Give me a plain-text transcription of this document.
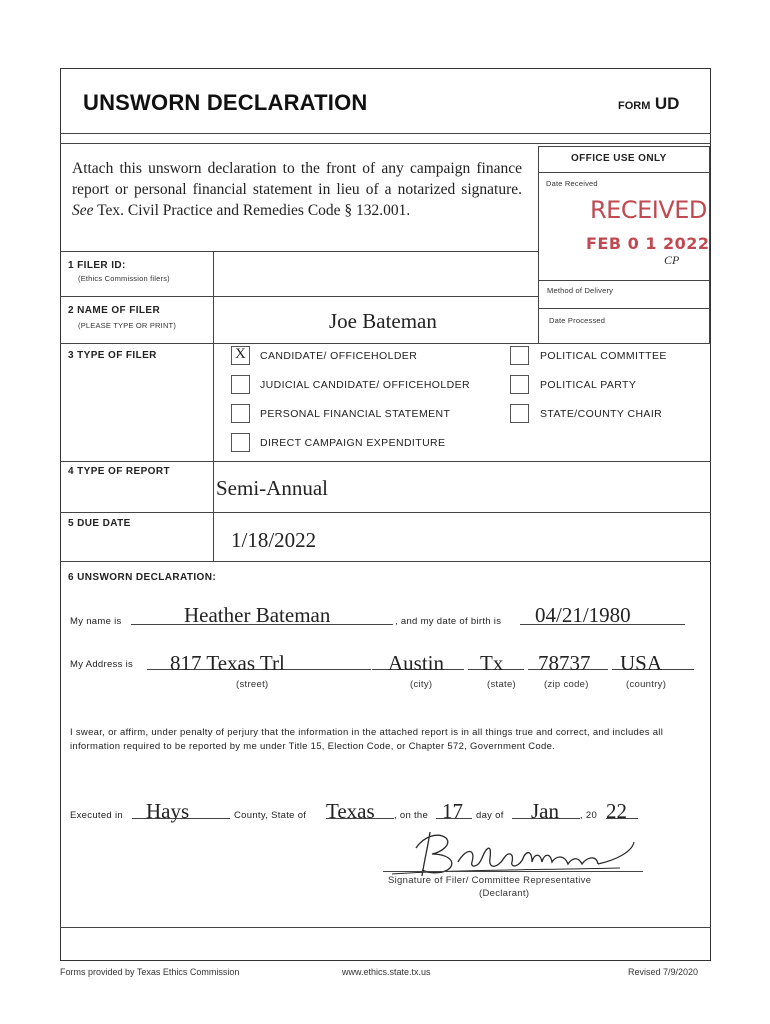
UNSWORN DECLARATION	FORM UD
Attach this unsworn declaration to the front of any campaign finance report or personal financial statement in lieu of a notarized signature. See Tex. Civil Practice and Remedies Code § 132.001.
OFFICE USE ONLY
Date Received
RECEIVED
FEB 0 1 2022
CP
Method of Delivery
Date Processed
1 FILER ID:
(Ethics Commission filers)
2 NAME OF FILER
(PLEASE TYPE OR PRINT)	Joe Bateman
3 TYPE OF FILER	X CANDIDATE/ OFFICEHOLDER
JUDICIAL CANDIDATE/ OFFICEHOLDER
PERSONAL FINANCIAL STATEMENT
DIRECT CAMPAIGN EXPENDITURE
POLITICAL COMMITTEE
POLITICAL PARTY
STATE/COUNTY CHAIR
4 TYPE OF REPORT
Semi-Annual
5 DUE DATE
1/18/2022
6 UNSWORN DECLARATION:
My name is	Heather Bateman	, and my date of birth is 04/21/1980
My Address is 817 Texas Trl	Austin Tx 78737 USA
(street)	(city)	(state)	(zip code)	(country)
I swear, or affirm, under penalty of perjury that the information in the attached report is in all things true and correct, and includes all information required to be reported by me under Title 15, Election Code, or Chapter 572, Government Code.
Executed in Hays	County, State of Texas , on the 17 day of Jan , 20 22
Signature of Filer/ Committee Representative
(Declarant)
Forms provided by Texas Ethics Commission	www.ethics.state.tx.us	Revised 7/9/2020
